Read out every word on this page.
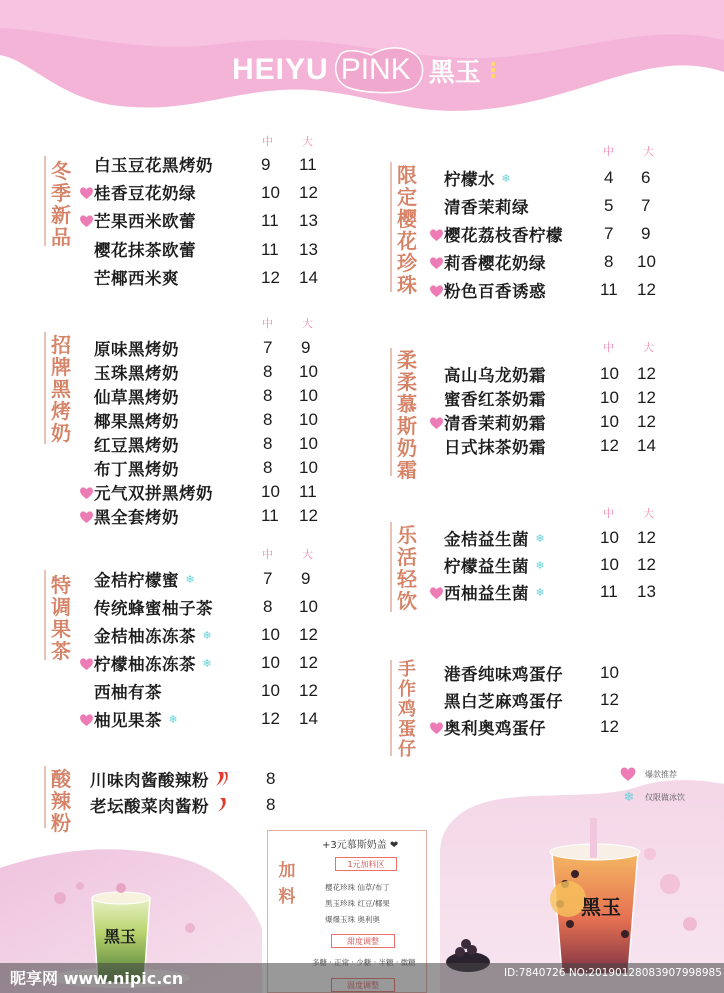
HEIYU PINK 黑玉
冬
季
新
品
中	大
白玉豆花黑烤奶	9 11
桂香豆花奶绿	10 12
芒果西米欧蕾	11 13
樱花抹茶欧蕾	11 13
芒椰西米爽	12 14
招
牌
黑
烤
奶
中	大
原味黑烤奶	7 9
玉珠黑烤奶	8 10
仙草黑烤奶	8 10
椰果黑烤奶	8 10
红豆黑烤奶	8 10
布丁黑烤奶	8 10
元气双拼黑烤奶	10 11
黑全套烤奶	11 12
特
调
果
茶
中	大
金桔柠檬蜜 ❄	7 9
传统蜂蜜柚子茶	8 10
金桔柚冻冻茶 ❄	10 12
柠檬柚冻冻茶 ❄	10 12
西柚有茶	10 12
柚见果茶 ❄	12 14
酸
辣
粉
川味肉酱酸辣粉	8
老坛酸菜肉酱粉	8
限
定
樱
花
珍
珠
中	大
柠檬水 ❄	4 6
清香茉莉绿	5 7
樱花荔枝香柠檬 7 9
莉香樱花奶绿	8 10
粉色百香诱惑	11 12
柔
柔
慕
斯
奶
霜
中	大
高山乌龙奶霜	10 12
蜜香红茶奶霜	10 12
清香茉莉奶霜	10 12
日式抹茶奶霜	12 14
乐
活
轻
饮
中	大
金桔益生菌 ❄	10 12
柠檬益生菌 ❄	10 12
西柚益生菌 ❄	11 13
手
作
鸡
蛋
仔
港香纯味鸡蛋仔 10
黑白芝麻鸡蛋仔 12
奥利奥鸡蛋仔	12
黑玉
爆款推荐
❄	仅限做冰饮
黑玉
加
料
+3元慕斯奶盖 ❤
1元加料区
樱花珍珠 仙草/布丁
黑玉珍珠 红豆/椰果
爆爆玉珠 奥利奥
甜度调整
昵享网 www.nipic.cn	ID:7840726 NO:20190128083907998985
